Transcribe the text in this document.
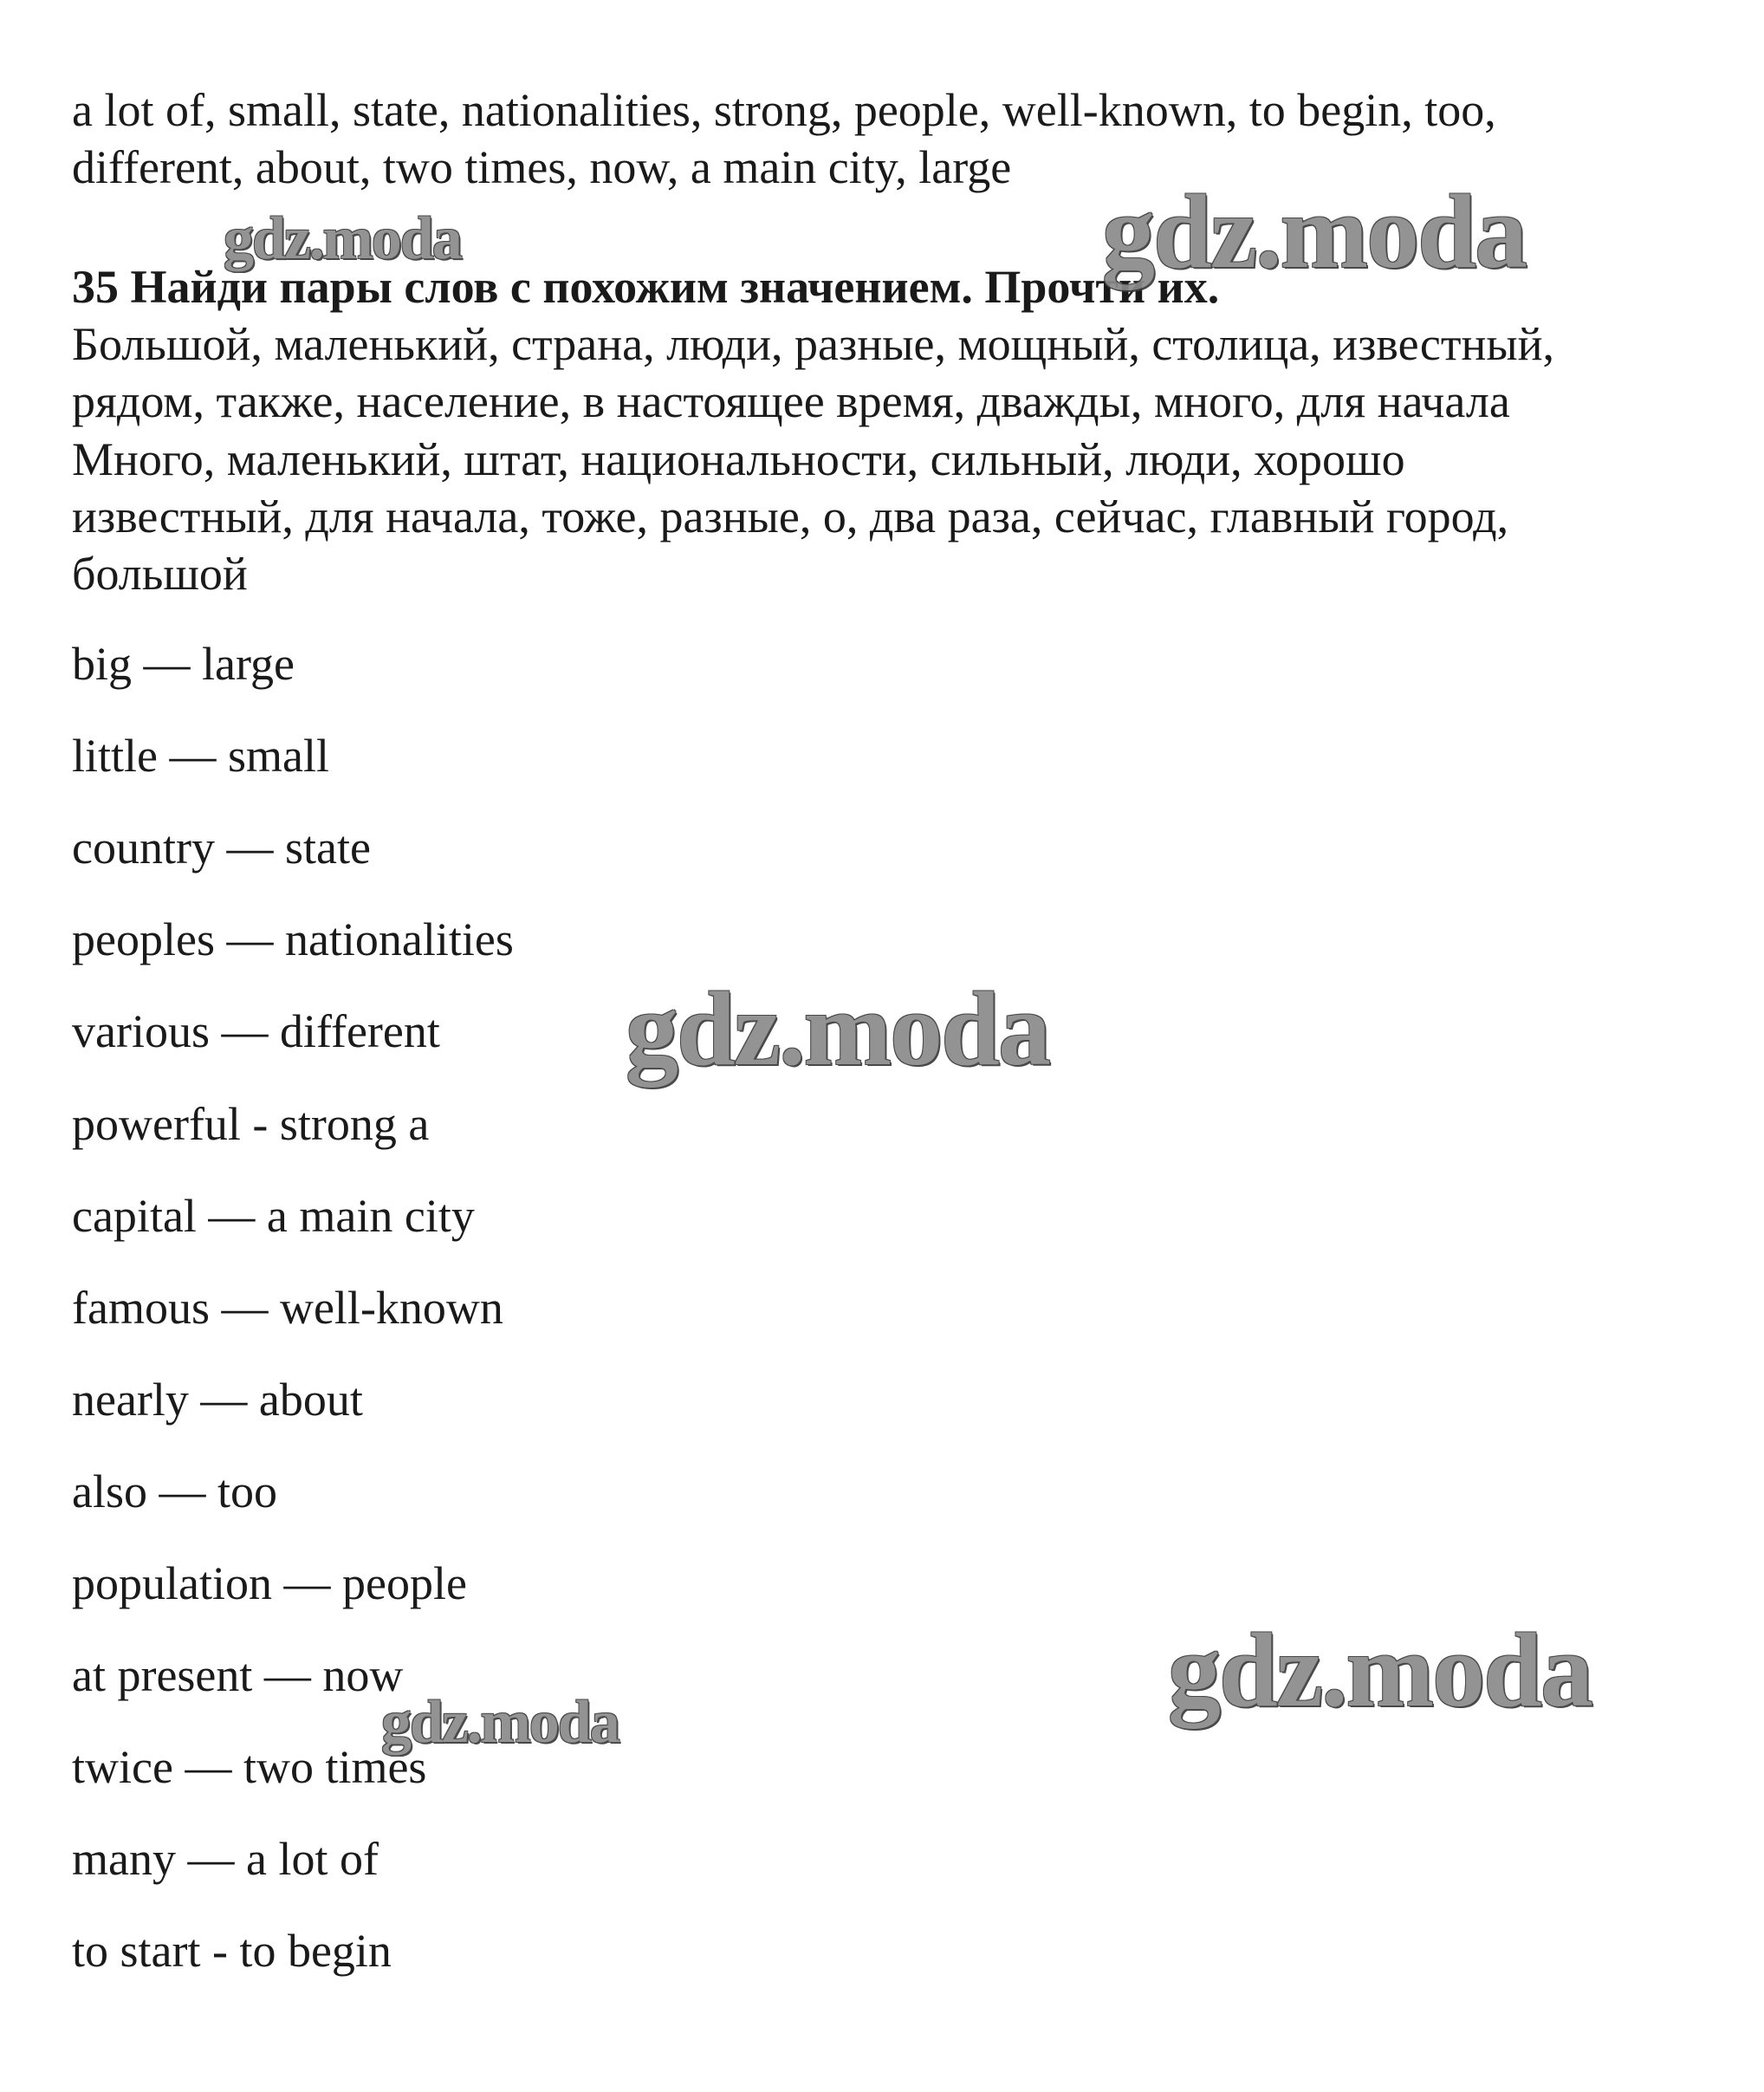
a lot of, small, state, nationalities, strong, people, well-known, to begin, too,
different, about, two times, now, a main city, large
35 Найди пары слов с похожим значением. Прочти их.
Большой, маленький, страна, люди, разные, мощный, столица, известный,
рядом, также, население, в настоящее время, дважды, много, для начала
Много, маленький, штат, национальности, сильный, люди, хорошо
известный, для начала, тоже, разные, о, два раза, сейчас, главный город,
большой
big — large
little — small
country — state
peoples — nationalities
various — different
powerful - strong a
capital — a main city
famous — well-known
nearly — about
also — too
population — people
at present — now
twice — two times
many — a lot of
to start - to begin
gdz.moda	gdz.moda
gdz.moda
gdz.moda
gdz.moda
